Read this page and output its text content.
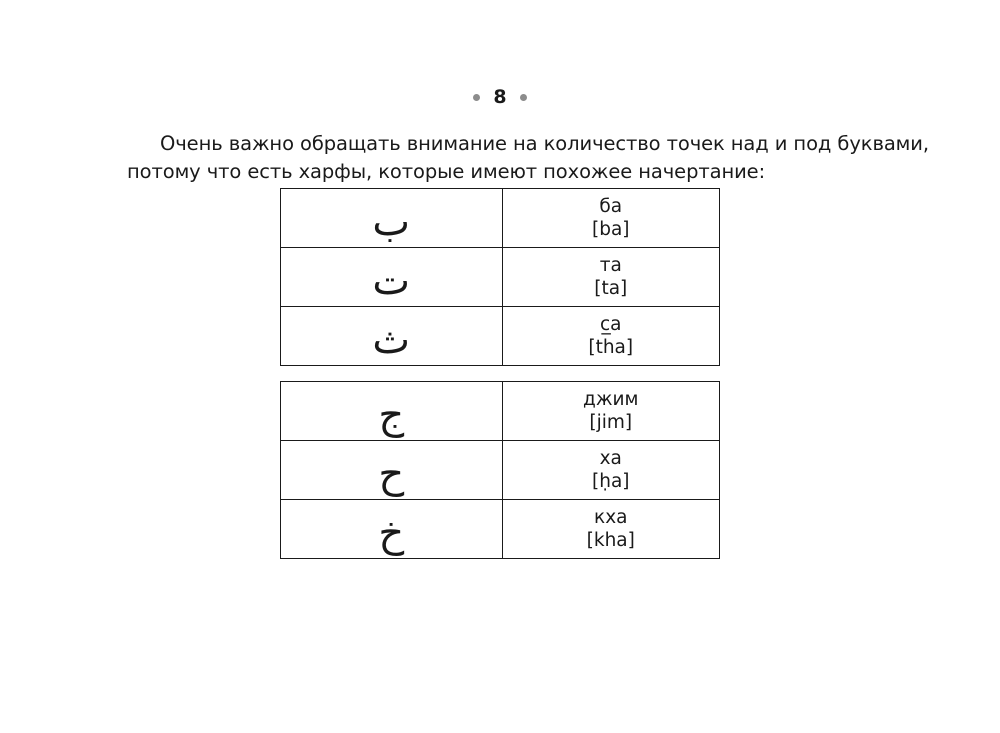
8
Очень важно обращать внимание на количество точек над и под буквами,
потому что есть харфы, которые имеют похожее начертание:
ب	ба
[ba]

ت	та
[ta]

ث	c̲а
[tha]
ج	джим
[jim]

ح	ха
[ḥa]

خ	кха
[kha]
